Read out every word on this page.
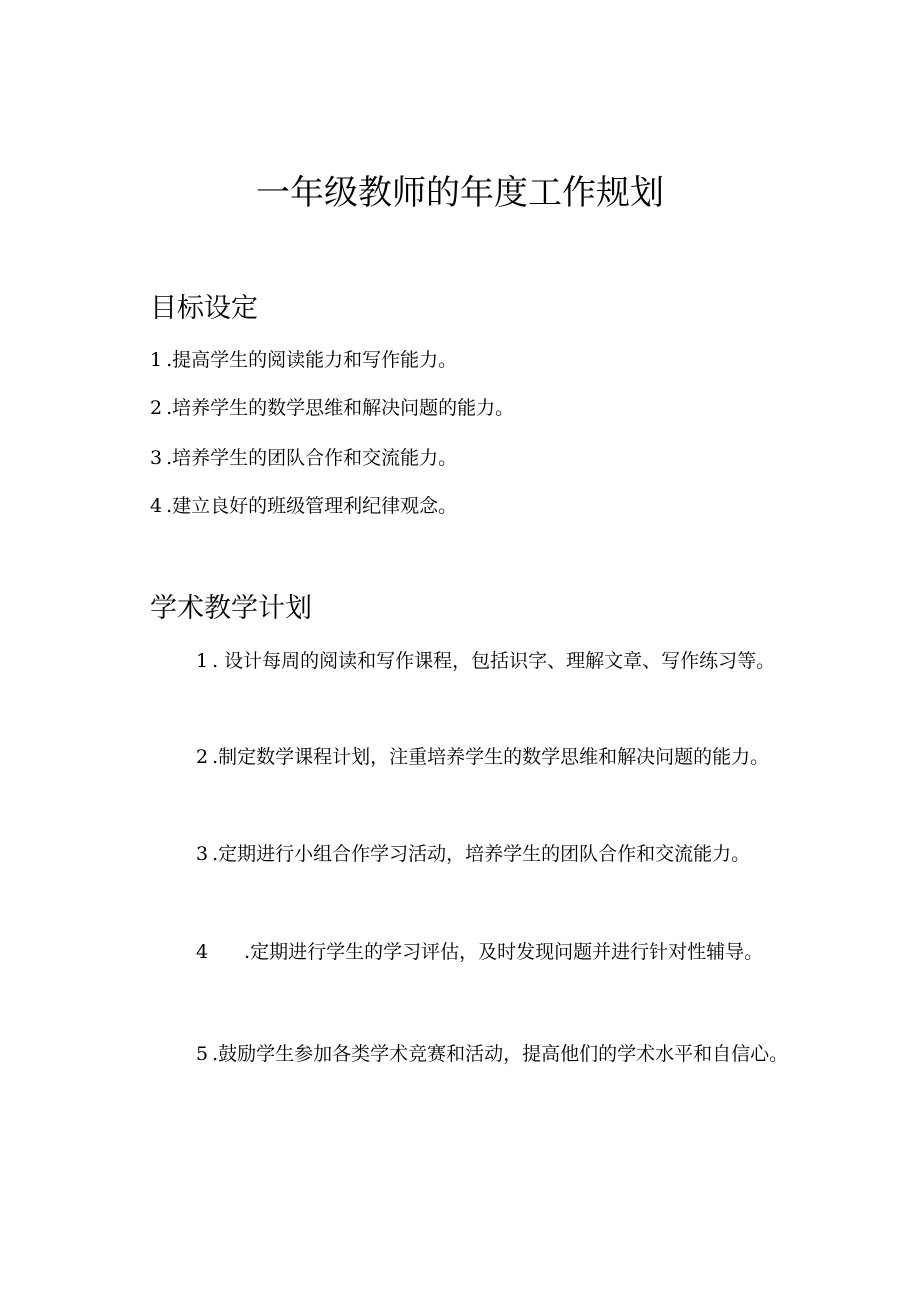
一年级教师的年度工作规划
目标设定

1 .提高学生的阅读能力和写作能力。

2 .培养学生的数学思维和解决问题的能力。

3 .培养学生的团队合作和交流能力。

4 .建立良好的班级管理利纪律观念。

学术教学计划

1 . 设计每周的阅读和写作课程，包括识字、理解文章、写作练习等。

2 .制定数学课程计划，注重培养学生的数学思维和解决问题的能力。

3 .定期进行小组合作学习活动，培养学生的团队合作和交流能力。

4 .定期进行学生的学习评估，及时发现问题并进行针对性辅导。

5 .鼓励学生参加各类学术竞赛和活动，提高他们的学术水平和自信心。
